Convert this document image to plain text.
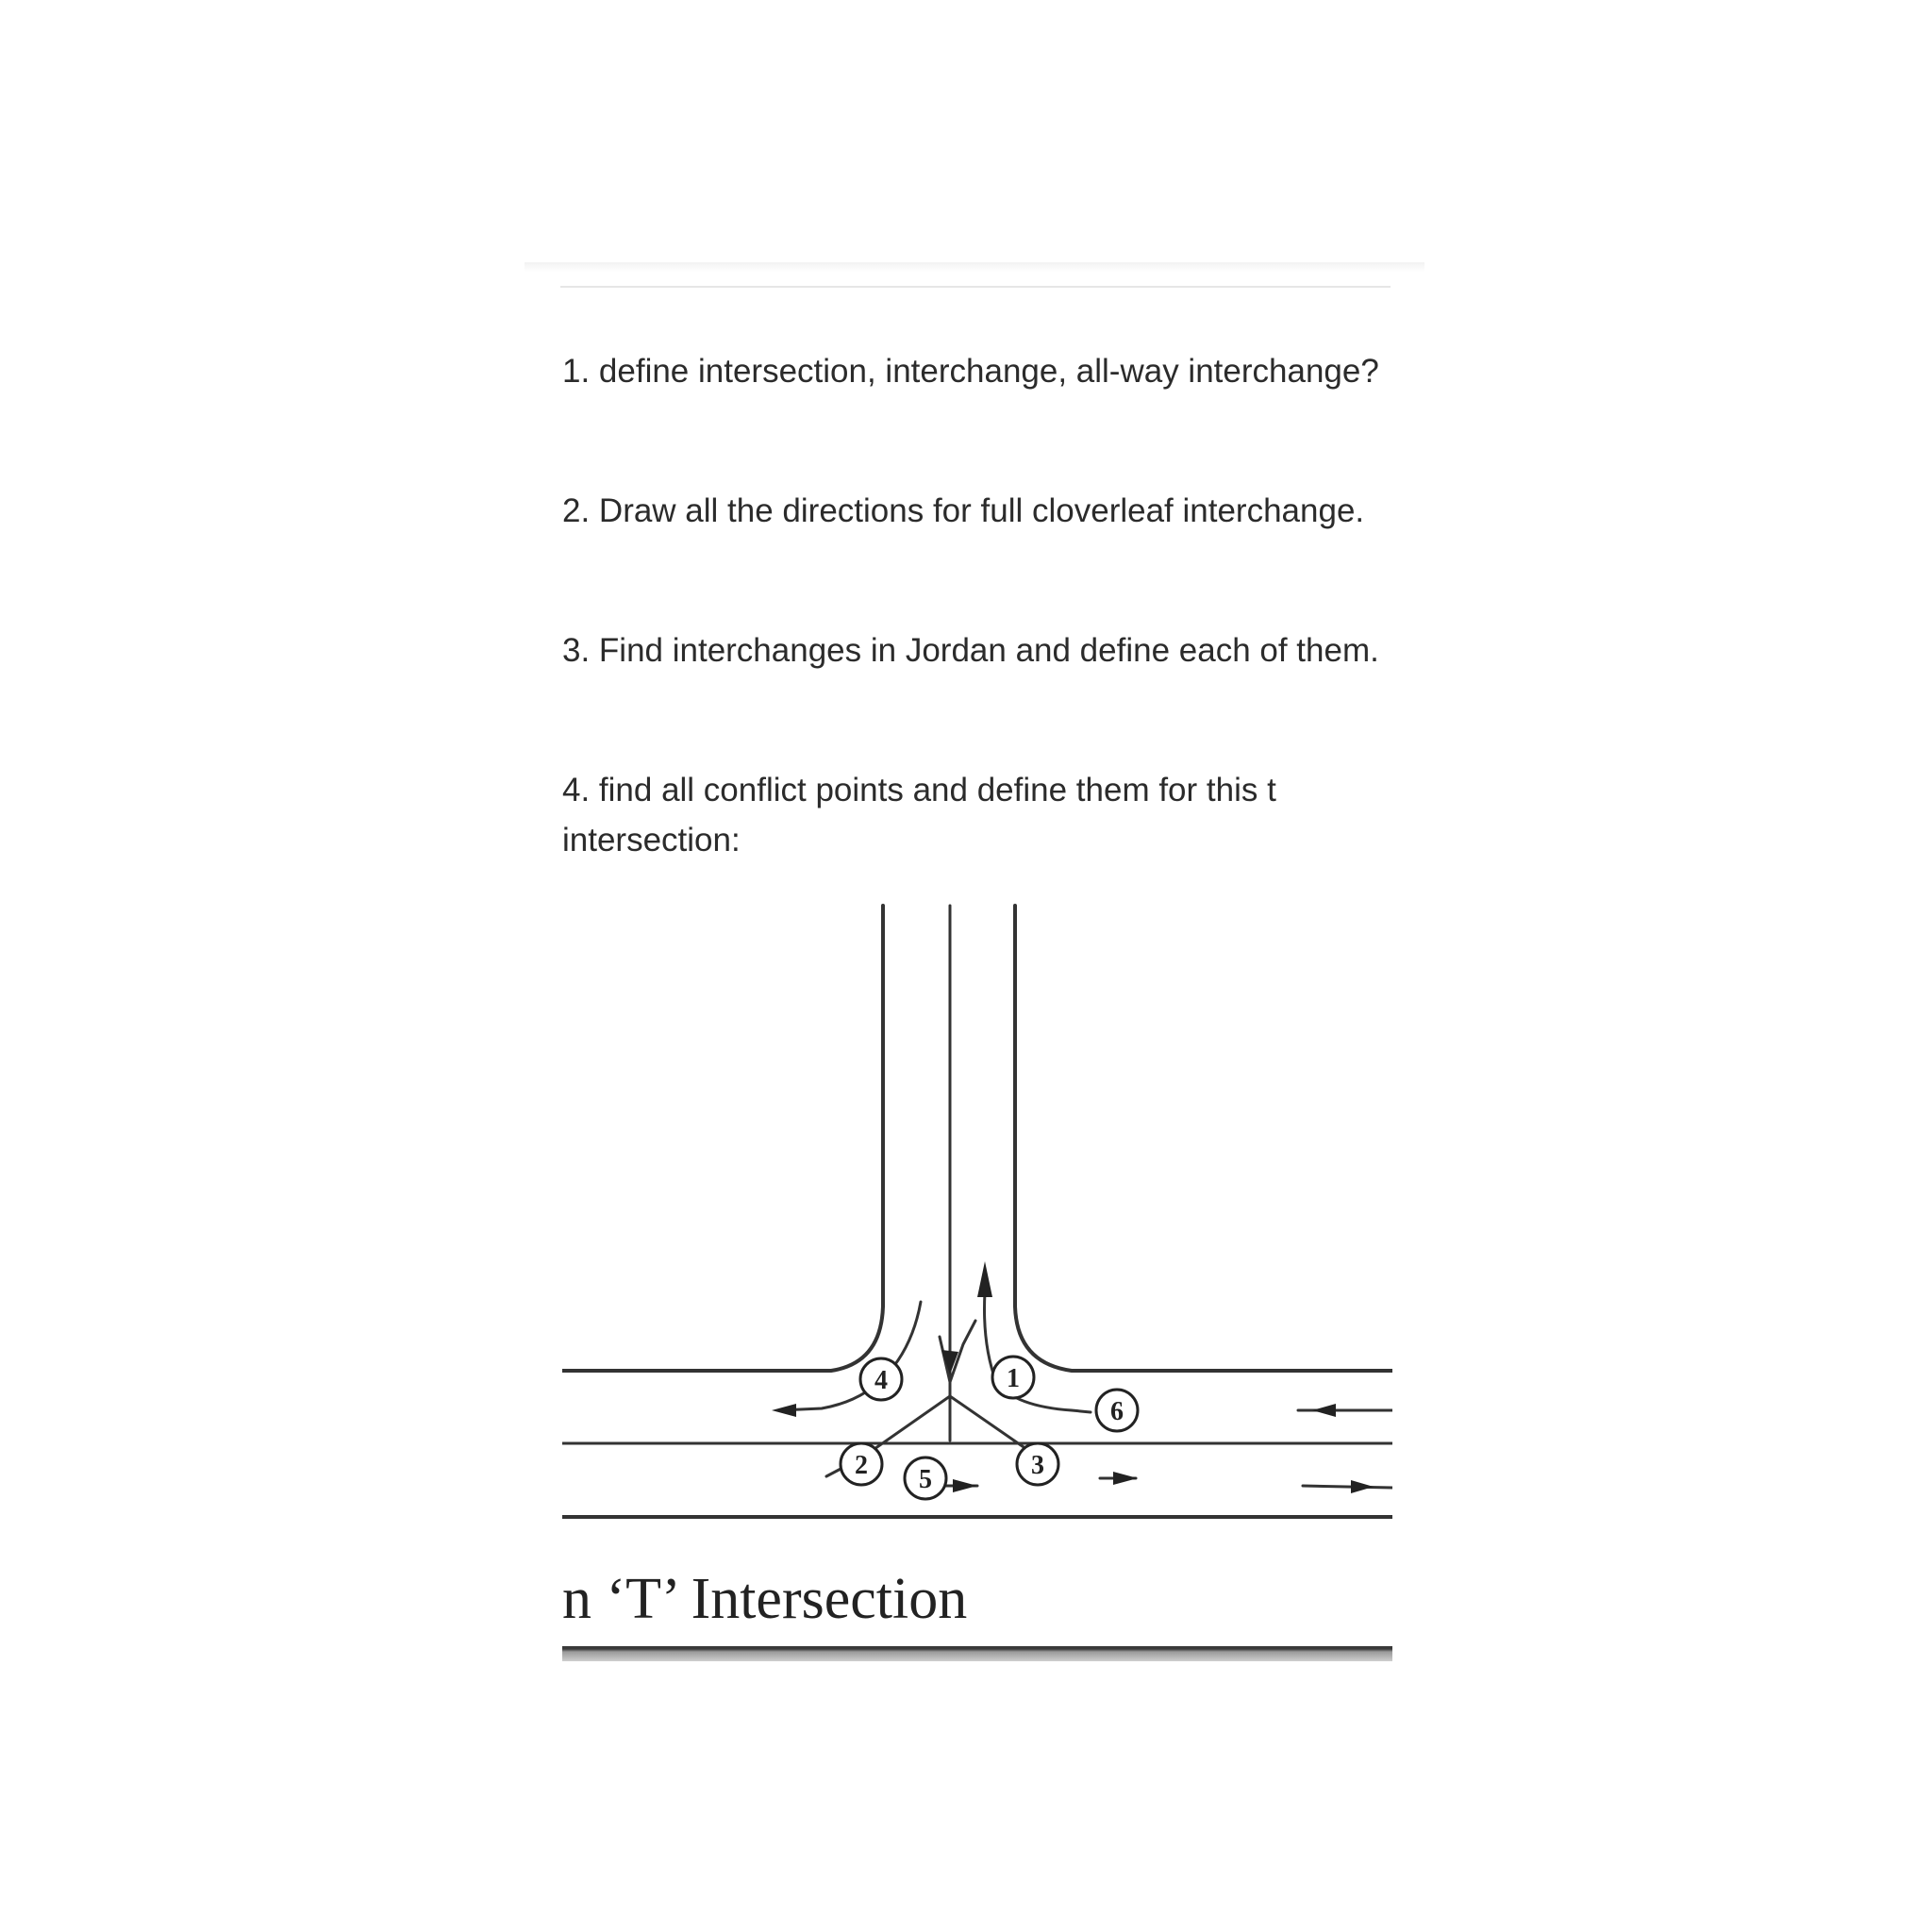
1. define intersection, interchange, all-way interchange?

2. Draw all the directions for full cloverleaf interchange.

3. Find interchanges in Jordan and define each of them.

4. find all conflict points and define them for this t intersection:

1
2	3
4
5
6
n ‘T’ Intersection
